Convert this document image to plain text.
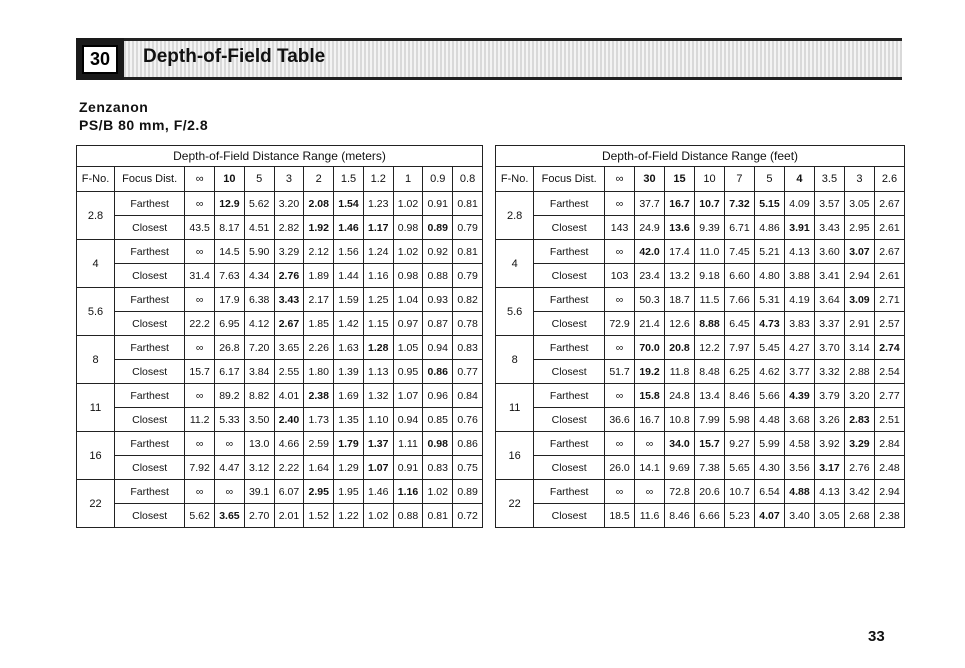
30	Depth-of-Field Table
Zenzanon
PS/B 80 mm, F/2.8
Depth-of-Field Distance Range (meters)											
F-No.	Focus Dist.	∞	10	5	3	2	1.5	1.2	1	0.9	0.8
2.8	Farthest	∞	12.9	5.62	3.20	2.08	1.54	1.23	1.02	0.91	0.81
	Closest	43.5	8.17	4.51	2.82	1.92	1.46	1.17	0.98	0.89	0.79
4	Farthest	∞	14.5	5.90	3.29	2.12	1.56	1.24	1.02	0.92	0.81
	Closest	31.4	7.63	4.34	2.76	1.89	1.44	1.16	0.98	0.88	0.79
5.6	Farthest	∞	17.9	6.38	3.43	2.17	1.59	1.25	1.04	0.93	0.82
	Closest	22.2	6.95	4.12	2.67	1.85	1.42	1.15	0.97	0.87	0.78
8	Farthest	∞	26.8	7.20	3.65	2.26	1.63	1.28	1.05	0.94	0.83
	Closest	15.7	6.17	3.84	2.55	1.80	1.39	1.13	0.95	0.86	0.77
11	Farthest	∞	89.2	8.82	4.01	2.38	1.69	1.32	1.07	0.96	0.84
	Closest	11.2	5.33	3.50	2.40	1.73	1.35	1.10	0.94	0.85	0.76
16	Farthest	∞	∞	13.0	4.66	2.59	1.79	1.37	1.11	0.98	0.86
	Closest	7.92	4.47	3.12	2.22	1.64	1.29	1.07	0.91	0.83	0.75
22	Farthest	∞	∞	39.1	6.07	2.95	1.95	1.46	1.16	1.02	0.89
	Closest	5.62	3.65	2.70	2.01	1.52	1.22	1.02	0.88	0.81	0.72
Depth-of-Field Distance Range (feet)											
F-No.	Focus Dist.	∞	30	15	10	7	5	4	3.5	3	2.6
2.8	Farthest	∞	37.7	16.7	10.7	7.32	5.15	4.09	3.57	3.05	2.67
	Closest	143	24.9	13.6	9.39	6.71	4.86	3.91	3.43	2.95	2.61
4	Farthest	∞	42.0	17.4	11.0	7.45	5.21	4.13	3.60	3.07	2.67
	Closest	103	23.4	13.2	9.18	6.60	4.80	3.88	3.41	2.94	2.61
5.6	Farthest	∞	50.3	18.7	11.5	7.66	5.31	4.19	3.64	3.09	2.71
	Closest	72.9	21.4	12.6	8.88	6.45	4.73	3.83	3.37	2.91	2.57
8	Farthest	∞	70.0	20.8	12.2	7.97	5.45	4.27	3.70	3.14	2.74
	Closest	51.7	19.2	11.8	8.48	6.25	4.62	3.77	3.32	2.88	2.54
11	Farthest	∞	15.8	24.8	13.4	8.46	5.66	4.39	3.79	3.20	2.77
	Closest	36.6	16.7	10.8	7.99	5.98	4.48	3.68	3.26	2.83	2.51
16	Farthest	∞	∞	34.0	15.7	9.27	5.99	4.58	3.92	3.29	2.84
	Closest	26.0	14.1	9.69	7.38	5.65	4.30	3.56	3.17	2.76	2.48
22	Farthest	∞	∞	72.8	20.6	10.7	6.54	4.88	4.13	3.42	2.94
	Closest	18.5	11.6	8.46	6.66	5.23	4.07	3.40	3.05	2.68	2.38
33
